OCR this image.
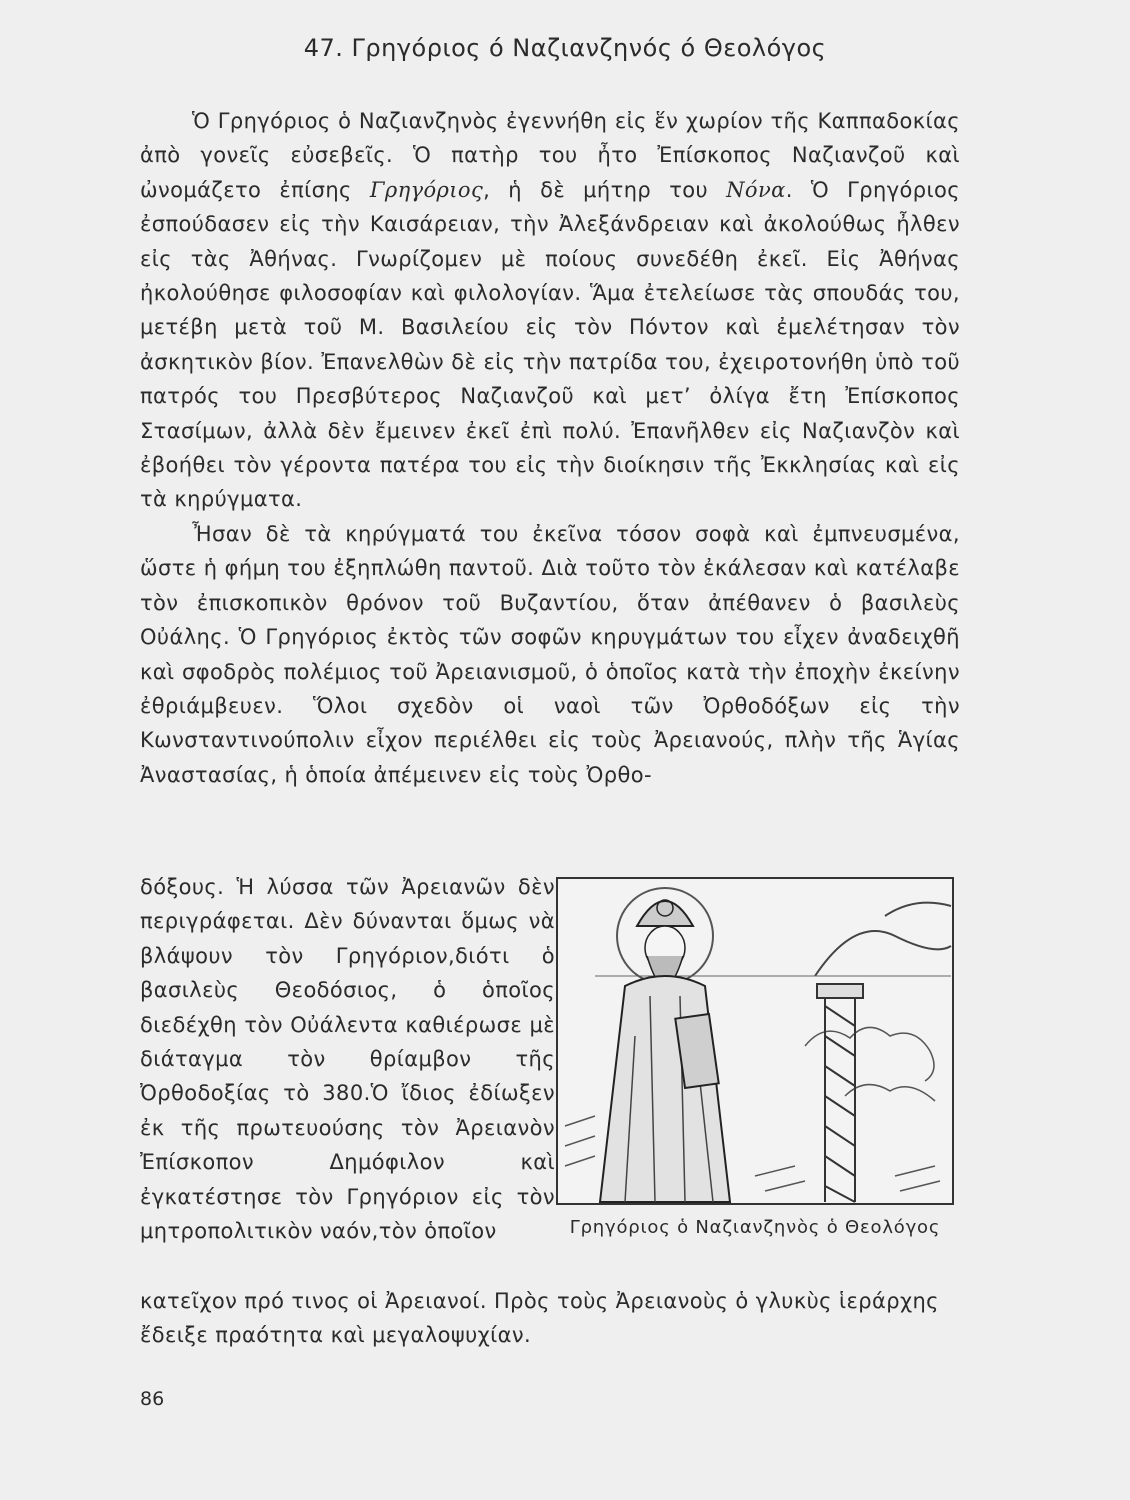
47. Γρηγόριος ό Ναζιανζηνός ό Θεολόγος

Ὁ Γρηγόριος ὁ Ναζιανζηνὸς ἐγεννήθη εἰς ἕν χωρίον τῆς Καππαδοκίας ἀπὸ γονεῖς εὐσεβεῖς. Ὁ πατὴρ του ἦτο Ἐπίσκοπος Ναζιανζοῦ καὶ ὠνομάζετο ἐπίσης Γρηγόριος, ἡ δὲ μήτηρ του Νόνα. Ὁ Γρηγόριος ἐσπούδασεν εἰς τὴν Καισάρειαν, τὴν Ἀλεξάνδρειαν καὶ ἀκολούθως ἦλθεν εἰς τὰς Ἀθήνας. Γνωρίζομεν μὲ ποίους συνεδέθη ἐκεῖ. Εἰς Ἀθήνας ἠκολούθησε φιλοσοφίαν καὶ φιλολογίαν. Ἅμα ἐτελείωσε τὰς σπουδάς του, μετέβη μετὰ τοῦ Μ. Βασιλείου εἰς τὸν Πόντον καὶ ἐμελέτησαν τὸν ἀσκητικὸν βίον. Ἐπανελθὼν δὲ εἰς τὴν πατρίδα του, ἐχειροτονήθη ὑπὸ τοῦ πατρός του Πρεσβύτερος Ναζιανζοῦ καὶ μετ’ ὀλίγα ἔτη Ἐπίσκοπος Στασίμων, ἀλλὰ δὲν ἔμεινεν ἐκεῖ ἐπὶ πολύ. Ἐπανῆλθεν εἰς Ναζιανζὸν καὶ ἐβοήθει τὸν γέροντα πατέρα του εἰς τὴν διοίκησιν τῆς Ἐκκλησίας καὶ εἰς τὰ κηρύγματα.

Ἦσαν δὲ τὰ κηρύγματά του ἐκεῖνα τόσον σοφὰ καὶ ἐμπνευσμένα, ὥστε ἡ φήμη του ἐξηπλώθη παντοῦ. Διὰ τοῦτο τὸν ἐκάλεσαν καὶ κατέλαβε τὸν ἐπισκοπικὸν θρόνον τοῦ Βυζαντίου, ὅταν ἀπέθανεν ὁ βασιλεὺς Οὐάλης. Ὁ Γρηγόριος ἐκτὸς τῶν σοφῶν κηρυγμάτων του εἶχεν ἀναδειχθῆ καὶ σφοδρὸς πολέμιος τοῦ Ἀρειανισμοῦ, ὁ ὁποῖος κατὰ τὴν ἐποχὴν ἐκείνην ἐθριάμβευεν. Ὅλοι σχεδὸν οἱ ναοὶ τῶν Ὀρθοδόξων εἰς τὴν Κωνσταντινούπολιν εἶχον περιέλθει εἰς τοὺς Ἀρειανούς, πλὴν τῆς Ἁγίας Ἀναστασίας, ἡ ὁποία ἀπέμεινεν εἰς τοὺς Ὀρθο-

δόξους. Ἡ λύσσα τῶν Ἀρειανῶν δὲν περιγράφεται. Δὲν δύνανται ὅμως νὰ βλάψουν τὸν Γρηγόριον,διότι ὁ βασιλεὺς Θεοδόσιος, ὁ ὁποῖος διεδέχθη τὸν Οὐάλεντα καθιέρωσε μὲ διάταγμα τὸν θρίαμβον τῆς Ὀρθοδοξίας τὸ 380.Ὁ ἴδιος ἐδίωξεν ἐκ τῆς πρωτευούσης τὸν Ἀρειανὸν Ἐπίσκοπον Δημόφιλον καὶ ἐγκατέστησε τὸν Γρηγόριον εἰς τὸν μητροπολιτικὸν ναόν,τὸν ὁποῖον	Γρηγόριος ὁ Ναζιανζηνὸς ὁ Θεολόγος

κατεῖχον πρό τινος οἱ Ἀρειανοί. Πρὸς τοὺς Ἀρειανοὺς ὁ γλυκὺς ἱεράρχης ἔδειξε πραότητα καὶ μεγαλοψυχίαν.

86
